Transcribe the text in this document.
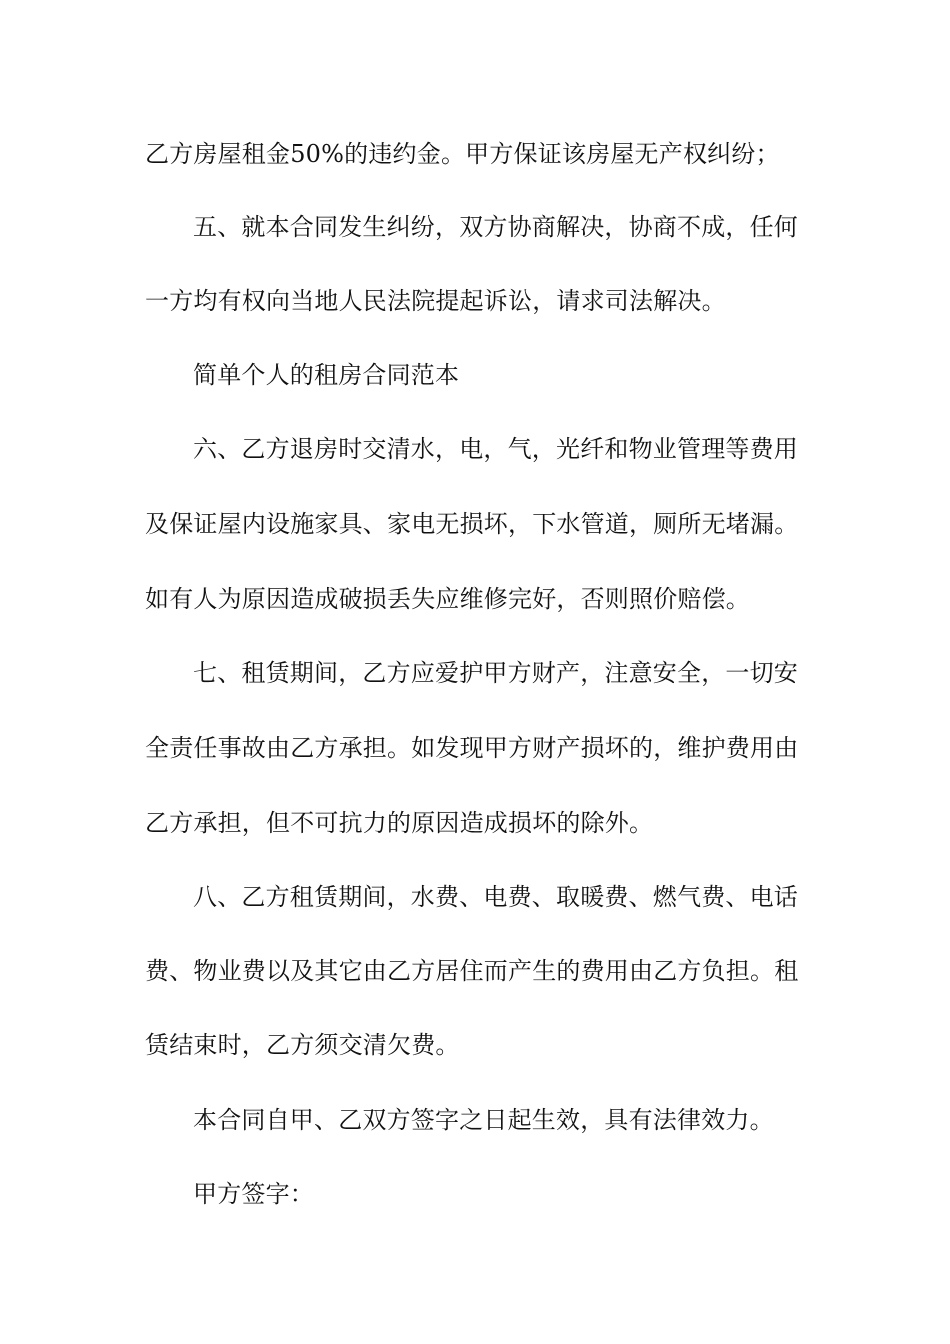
乙方房屋租金50%的违约金。甲方保证该房屋无产权纠纷；
五、就本合同发生纠纷，双方协商解决，协商不成，任何
一方均有权向当地人民法院提起诉讼，请求司法解决。
简单个人的租房合同范本
六、乙方退房时交清水，电，气，光纤和物业管理等费用
及保证屋内设施家具、家电无损坏，下水管道，厕所无堵漏。
如有人为原因造成破损丢失应维修完好，否则照价赔偿。
七、租赁期间，乙方应爱护甲方财产，注意安全，一切安
全责任事故由乙方承担。如发现甲方财产损坏的，维护费用由
乙方承担，但不可抗力的原因造成损坏的除外。
八、乙方租赁期间，水费、电费、取暖费、燃气费、电话
费、物业费以及其它由乙方居住而产生的费用由乙方负担。租
赁结束时，乙方须交清欠费。
本合同自甲、乙双方签字之日起生效，具有法律效力。
甲方签字：
